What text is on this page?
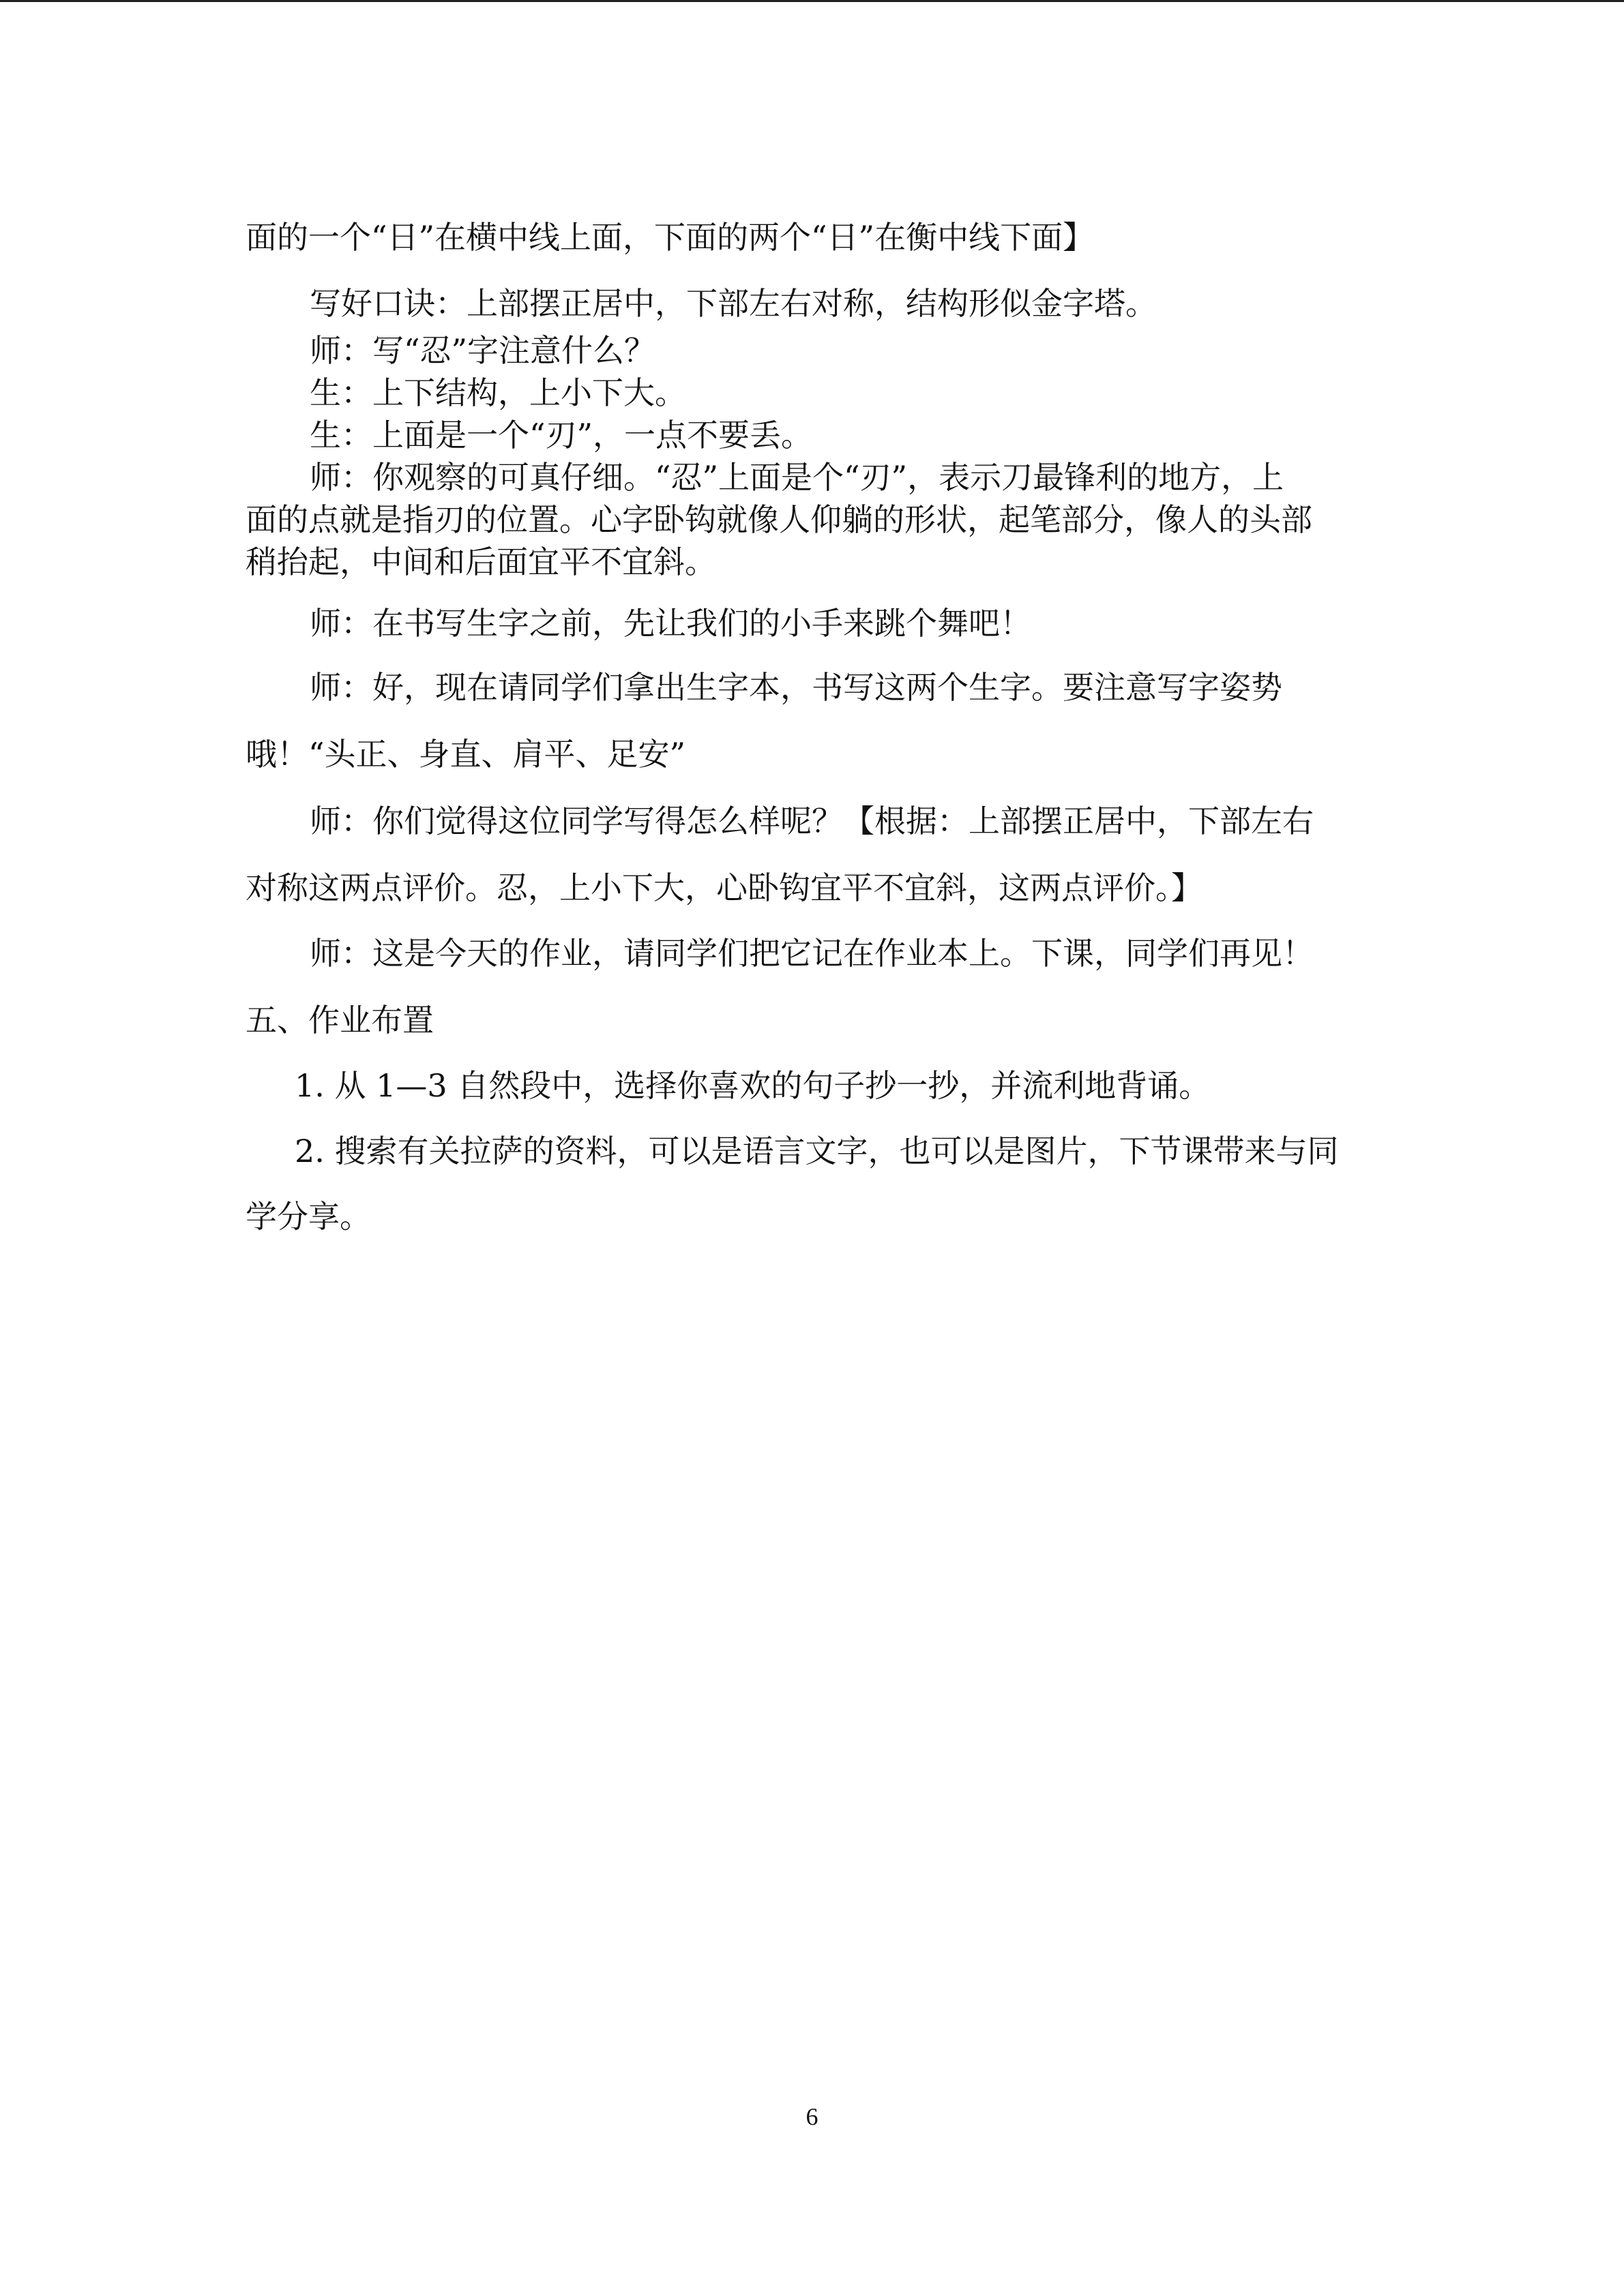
面的一个“日”在横中线上面，下面的两个“日”在衡中线下面】
写好口诀：上部摆正居中，下部左右对称，结构形似金字塔。
师：写“忍”字注意什么？
生：上下结构，上小下大。
生：上面是一个“刃”，一点不要丢。
师：你观察的可真仔细。“忍”上面是个“刃”，表示刀最锋利的地方，上
面的点就是指刃的位置。心字卧钩就像人仰躺的形状，起笔部分，像人的头部
稍抬起，中间和后面宜平不宜斜。
师：在书写生字之前，先让我们的小手来跳个舞吧！
师：好，现在请同学们拿出生字本，书写这两个生字。要注意写字姿势
哦！“头正、身直、肩平、足安”
师：你们觉得这位同学写得怎么样呢？【根据：上部摆正居中，下部左右
对称这两点评价。忍，上小下大，心卧钩宜平不宜斜，这两点评价。】
师：这是今天的作业，请同学们把它记在作业本上。下课，同学们再见！
五、作业布置
1. 从 1—3 自然段中，选择你喜欢的句子抄一抄，并流利地背诵。
2. 搜索有关拉萨的资料，可以是语言文字，也可以是图片，下节课带来与同
学分享。
6
